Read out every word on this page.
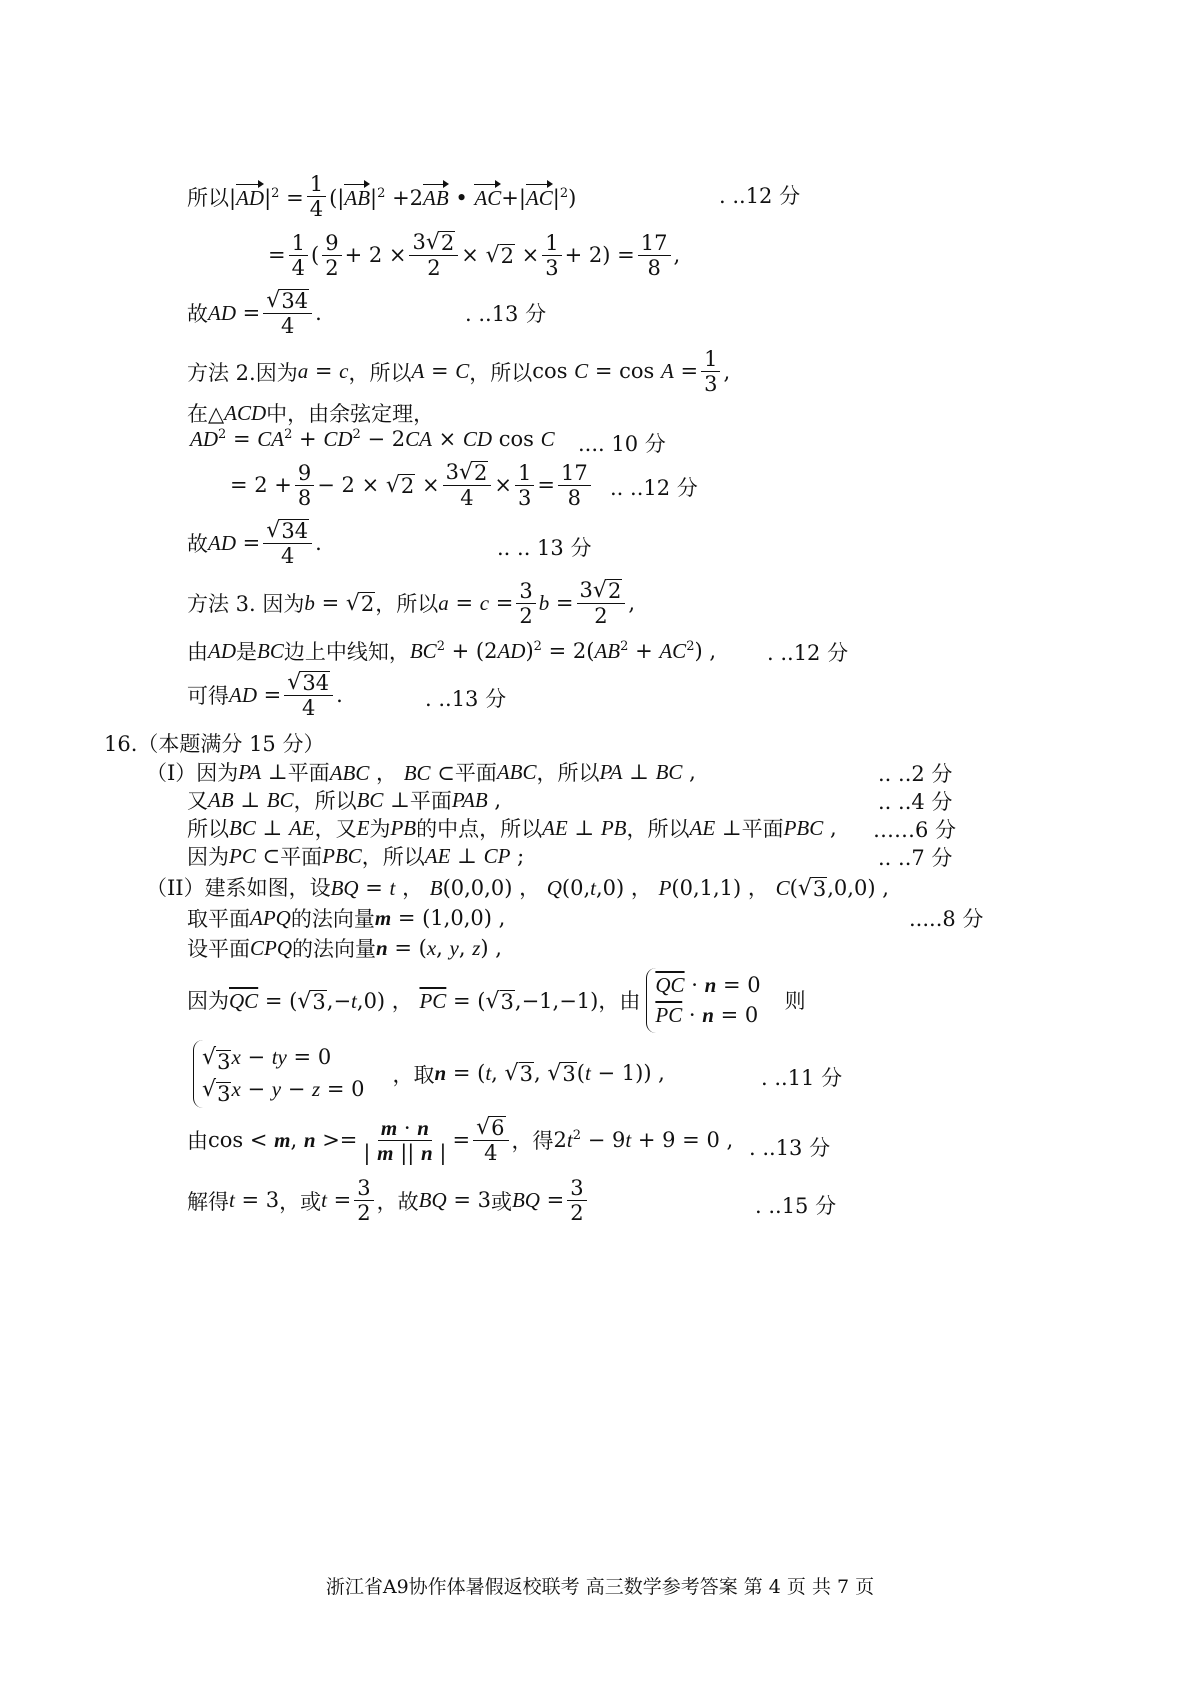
所以 $|AD|^2 = \frac{1}{4} (|AB|^2 +2AB$ • $AC+|AC|^2$)	. ..12 分
= $\frac{1}{4}$ ( $\frac{9}{2} + 2 \times \frac{3 √ 2}{2}$ × √ $2 \times \frac{1}{3} + 2) = \frac{17}{8}$ ,
故 AD = $\frac{√ 34}{4}$ .	. ..13 分
方法 2.因为 a = c ，所以 A = C ，所以 $\cos C = \cos A = \frac{1}{3}$ ,
在△ ACD 中，由余弦定理，
$AD^2 = CA^2 + CD^2 - 2CA$ × CD cos C .... 10 分
= $2 + \frac{9}{8} - 2$ × √ $2 \times \frac{3 √ 2}{4} \times \frac{1}{3} = \frac{17}{8}$ .. ..12 分
故 AD = $\frac{√ 34}{4}$ .	.. .. 13 分
方法 3. 因为 b = √ 2 ，所以 $a = c = \frac{3}{2}$ $b = \frac{3 √ 2}{2}$ ,
由 AD 是 BC 边上中线知， $BC^2 + (2AD)^2 = 2(AB^2 + AC^2)$ , . ..12 分
可得 AD = $\frac{√ 34}{4}$ .	. ..13 分
16.（本题满分 15 分）
（I）因为 PA ⊥ 平面 ABC ， BC ⊂ 平面 ABC ，所以 PA ⊥ BC ,	.. ..2 分
又 AB ⊥ BC ，所以 BC ⊥ 平面 PAB ,	.. ..4 分
所以 BC ⊥ AE ，又 E 为 PB 的中点，所以 AE ⊥ PB ，所以 AE ⊥ 平面 PBC , ……6 分
因为 PC ⊂ 平面 PBC ，所以 AE ⊥ CP ;	.. ..7 分
（II）建系如图，设 BQ = t ， B(0,0,0) ， Q(0,t,0) ， P(0,1,1) ， C( √ 3 ,0,0) ,
取平面 APQ 的法向量 m = (1,0,0) ,	.....8 分
设平面 CPQ 的法向量 n = (x, y, z) ,
因为 $\overline{QC}$ = ( √ 3 ,−t,0) ， $\overline{PC}$ = ( √ 3 ,−1,−1) ，由
$\overline{QC} \cdot n = 0$
$\overline{PC} \cdot n = 0$
则
√ 3 x − ty = 0
√ 3 x − y − z = 0
，取 n = (t, √ 3 , √ 3 (t − 1)) ,	. ..11 分
由 cos < m, $n >= \frac{m \cdot n}{| m || n |} = \frac{√ 6}{4}$ ，得 $2t^2 - 9t + 9 = 0$ , . ..13 分
解得 t = 3 ，或 $t = \frac{3}{2}$ ，故 BQ = 3 或 BQ = $\frac{3}{2}$	. ..15 分
浙江省A9协作体暑假返校联考 高三数学参考答案 第 4 页 共 7 页
